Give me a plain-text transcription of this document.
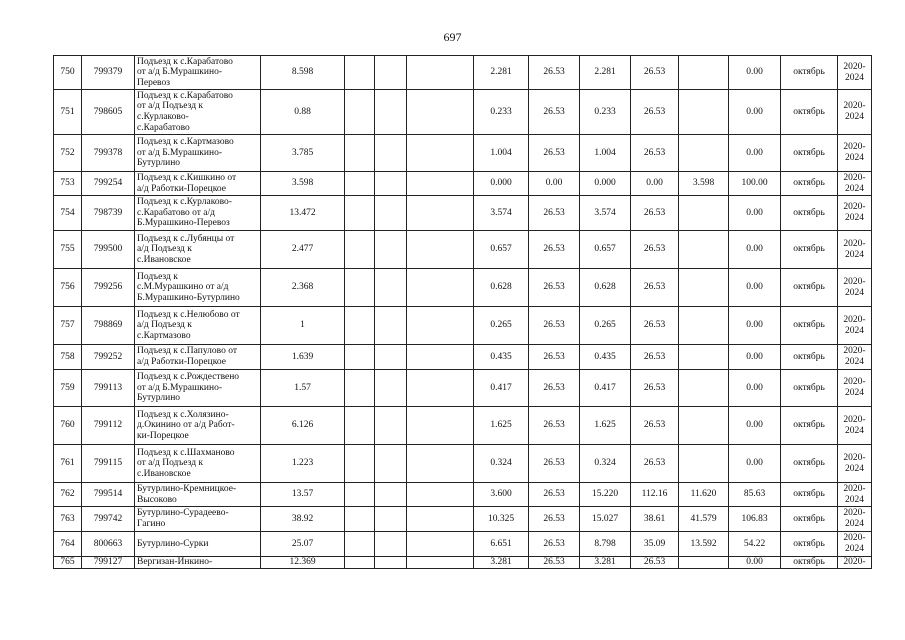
697
750	799379	Подъезд к с.Карабатово
от а/д Б.Мурашкино-
Перевоз	8.598				2.281	26.53	2.281	26.53		0.00	октябрь	2020-
2024
751	798605	Подъезд к с.Карабатово
от а/д Подъезд к
с.Курлаково-
с.Карабатово	0.88				0.233	26.53	0.233	26.53		0.00	октябрь	2020-
2024
752	799378	Подъезд к с.Картмазово
от а/д Б.Мурашкино-
Бутурлино	3.785				1.004	26.53	1.004	26.53		0.00	октябрь	2020-
2024
753	799254	Подъезд к с.Кишкино от
а/д Работки-Порецкое	3.598				0.000	0.00	0.000	0.00	3.598	100.00	октябрь	2020-
2024
754	798739	Подъезд к с.Курлаково-
с.Карабатово от а/д
Б.Мурашкино-Перевоз	13.472				3.574	26.53	3.574	26.53		0.00	октябрь	2020-
2024
755	799500	Подъезд к с.Лубянцы от
а/д Подъезд к
с.Ивановское	2.477				0.657	26.53	0.657	26.53		0.00	октябрь	2020-
2024
756	799256	Подъезд к
с.М.Мурашкино от а/д
Б.Мурашкино-Бутурлино	2.368				0.628	26.53	0.628	26.53		0.00	октябрь	2020-
2024
757	798869	Подъезд к с.Нелюбово от
а/д Подъезд к
с.Картмазово	1				0.265	26.53	0.265	26.53		0.00	октябрь	2020-
2024
758	799252	Подъезд к с.Папулово от
а/д Работки-Порецкое	1.639				0.435	26.53	0.435	26.53		0.00	октябрь	2020-
2024
759	799113	Подъезд к с.Рождествено
от а/д Б.Мурашкино-
Бутурлино	1.57				0.417	26.53	0.417	26.53		0.00	октябрь	2020-
2024
760	799112	Подъезд к с.Холязино-
д.Окинино от а/д Работ-
ки-Порецкое	6.126				1.625	26.53	1.625	26.53		0.00	октябрь	2020-
2024
761	799115	Подъезд к с.Шахманово
от а/д Подъезд к
с.Ивановское	1.223				0.324	26.53	0.324	26.53		0.00	октябрь	2020-
2024
762	799514	Бутурлино-Кремницкое-
Высоково	13.57				3.600	26.53	15.220	112.16	11.620	85.63	октябрь	2020-
2024
763	799742	Бутурлино-Сурадеево-
Гагино	38.92				10.325	26.53	15.027	38.61	41.579	106.83	октябрь	2020-
2024
764	800663	Бутурлино-Сурки	25.07				6.651	26.53	8.798	35.09	13.592	54.22	октябрь	2020-
2024
765	799127	Вергизан-Инкино-	12.369				3.281	26.53	3.281	26.53		0.00	октябрь	2020-
